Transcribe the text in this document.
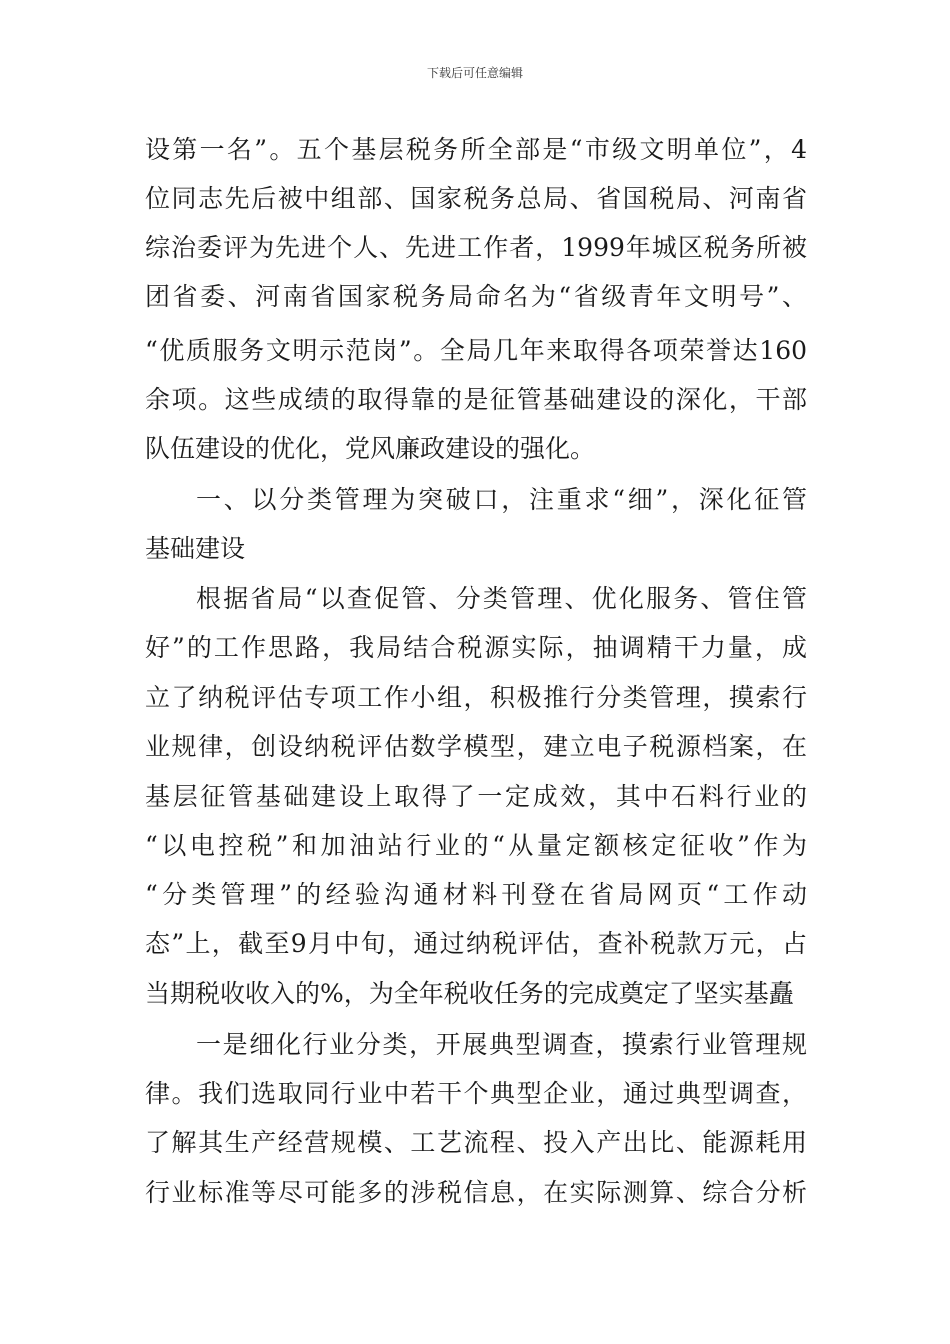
下载后可任意编辑
设第一名”。五个基层税务所全部是“市级文明单位”，4
位同志先后被中组部、国家税务总局、省国税局、河南省
综治委评为先进个人、先进工作者，1999年城区税务所被
团省委、河南省国家税务局命名为“省级青年文明号”、
“优质服务文明示范岗”。全局几年来取得各项荣誉达160
余项。这些成绩的取得靠的是征管基础建设的深化，干部
队伍建设的优化，党风廉政建设的强化。
一、以分类管理为突破口，注重求“细”，深化征管
基础建设
根据省局“以查促管、分类管理、优化服务、管住管
好”的工作思路，我局结合税源实际，抽调精干力量，成
立了纳税评估专项工作小组，积极推行分类管理，摸索行
业规律，创设纳税评估数学模型，建立电子税源档案，在
基层征管基础建设上取得了一定成效，其中石料行业的
“以电控税”和加油站行业的“从量定额核定征收”作为
“分类管理”的经验沟通材料刊登在省局网页“工作动
态”上，截至9月中旬，通过纳税评估，查补税款万元，占
当期税收收入的%，为全年税收任务的完成奠定了坚实基矗
一是细化行业分类，开展典型调查，摸索行业管理规
律。我们选取同行业中若干个典型企业，通过典型调查，
了解其生产经营规模、工艺流程、投入产出比、能源耗用
行业标准等尽可能多的涉税信息，在实际测算、综合分析
